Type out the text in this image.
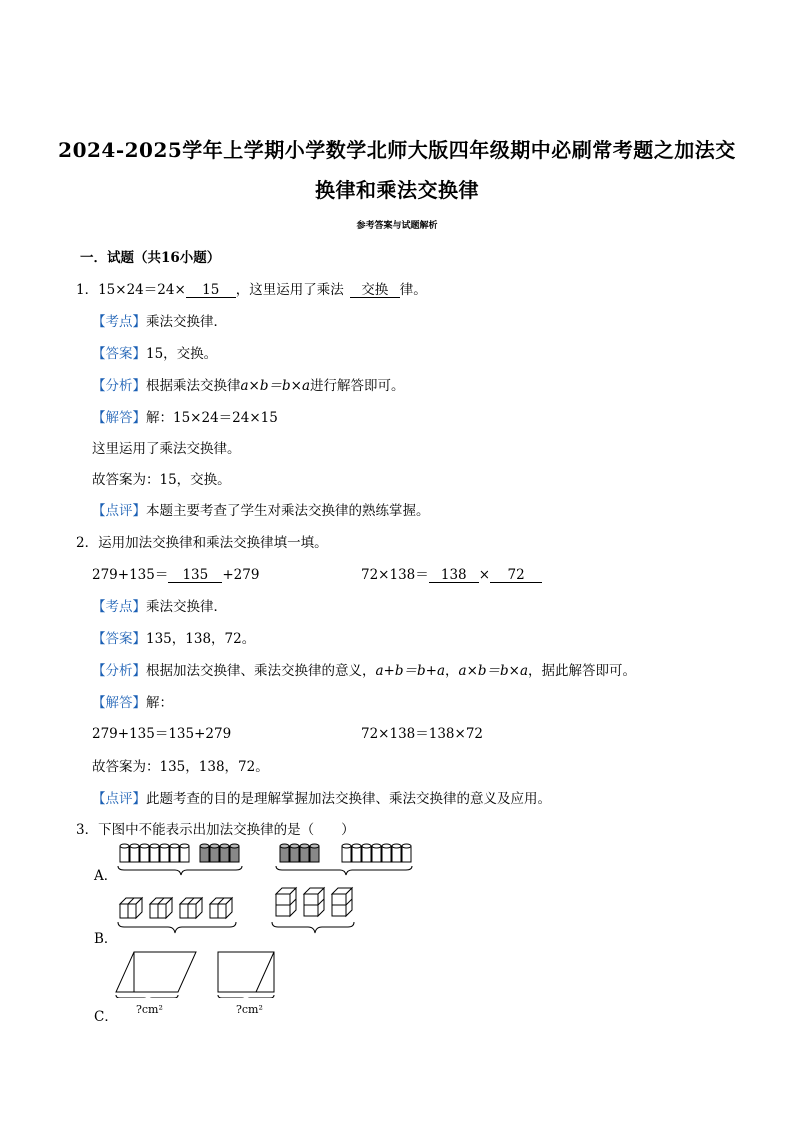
2024-2025学年上学期小学数学北师大版四年级期中必刷常考题之加法交
换律和乘法交换律
参考答案与试题解析
一．试题（共16小题）
1．15×24＝24× 15 ，这里运用了乘法 交换 律。
【考点】乘法交换律．
【答案】15，交换。
【分析】根据乘法交换律a×b＝b×a进行解答即可。
【解答】解：15×24＝24×15
这里运用了乘法交换律。
故答案为：15，交换。
【点评】本题主要考查了学生对乘法交换律的熟练掌握。
2．运用加法交换律和乘法交换律填一填。
279+135＝ 135 +279	72×138＝ 138 × 72
【考点】乘法交换律．
【答案】135，138，72。
【分析】根据加法交换律、乘法交换律的意义，a+b＝b+a，a×b＝b×a，据此解答即可。
【解答】解：
279+135＝135+279	72×138＝138×72
故答案为：135，138，72。
【点评】此题考查的目的是理解掌握加法交换律、乘法交换律的意义及应用。
3．下图中不能表示出加法交换律的是（　　）
A．
B．
C． ?cm²	?cm²
